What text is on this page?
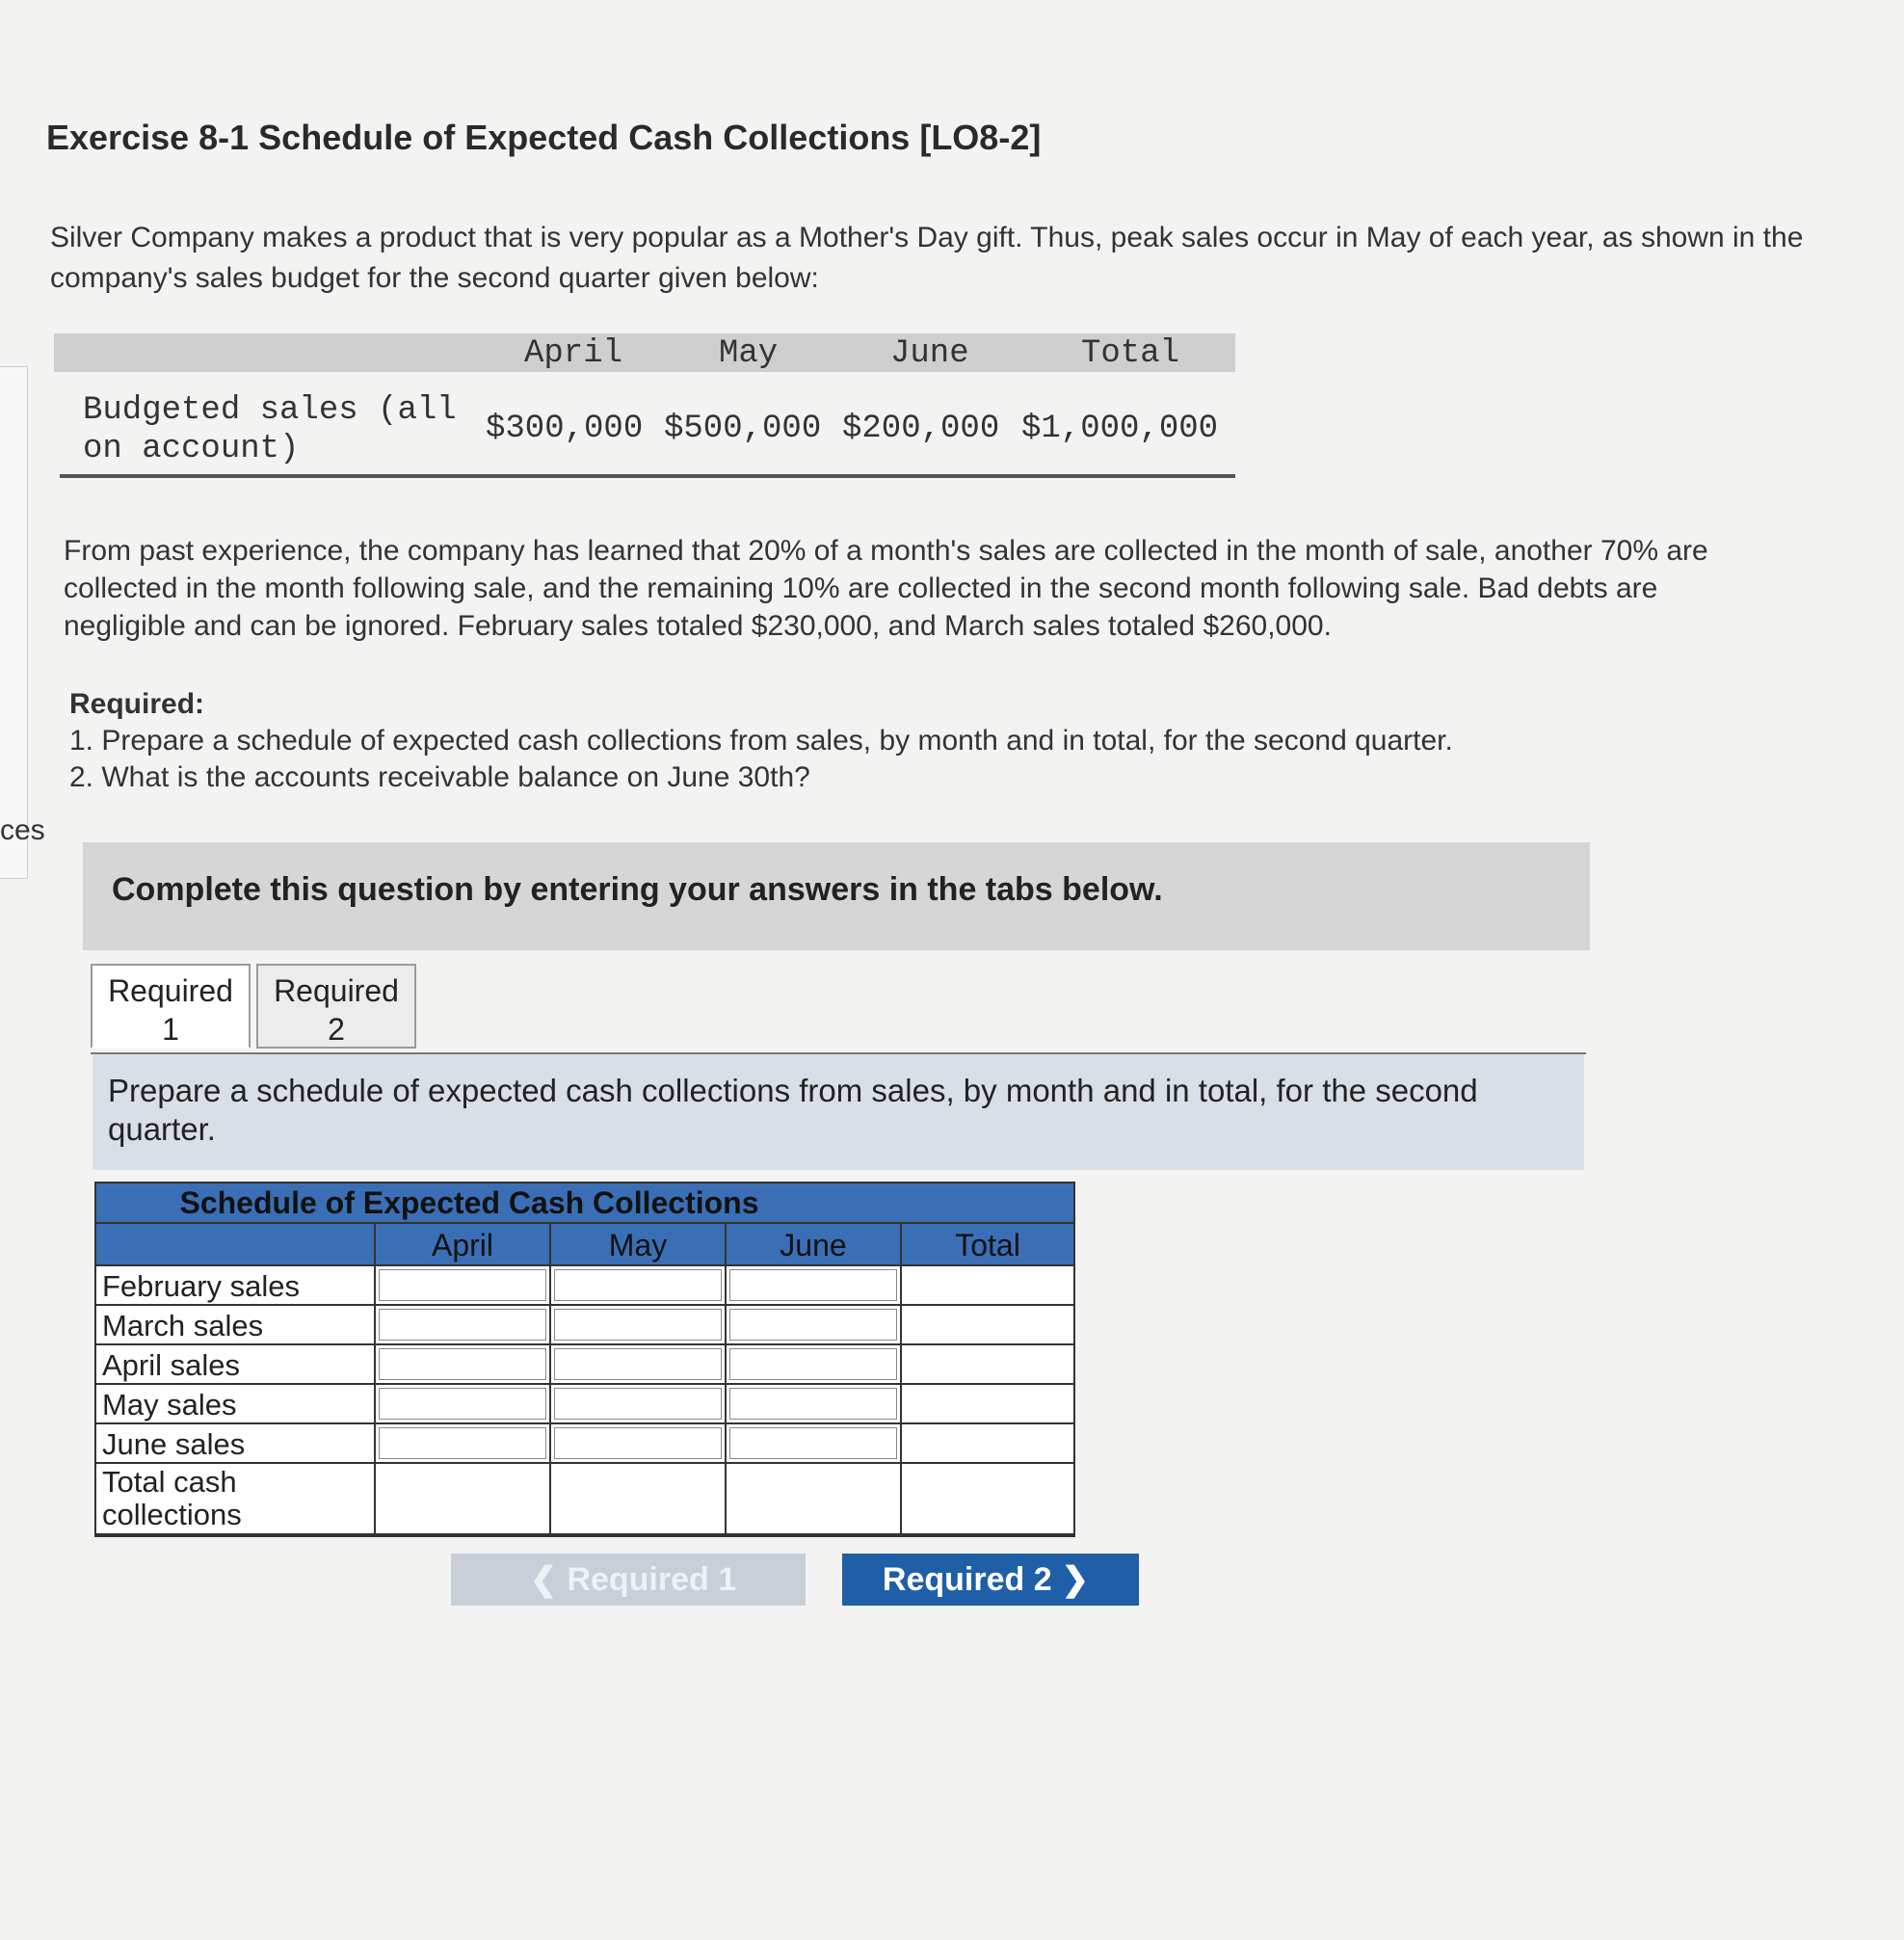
ces
Exercise 8-1 Schedule of Expected Cash Collections [LO8-2]
Silver Company makes a product that is very popular as a Mother's Day gift. Thus, peak sales occur in May of each year, as shown in the company's sales budget for the second quarter given below:
April	May	June	Total
Budgeted sales (all on account)
$300,000 $500,000 $200,000 $1,000,000
From past experience, the company has learned that 20% of a month's sales are collected in the month of sale, another 70% are collected in the month following sale, and the remaining 10% are collected in the second month following sale. Bad debts are negligible and can be ignored. February sales totaled $230,000, and March sales totaled $260,000.
Required:
1. Prepare a schedule of expected cash collections from sales, by month and in total, for the second quarter.
2. What is the accounts receivable balance on June 30th?
Complete this question by entering your answers in the tabs below.
Required
1
Required
2
Prepare a schedule of expected cash collections from sales, by month and in total, for the second quarter.
Schedule of Expected Cash Collections
April	May	June	Total
February sales
March sales
April sales
May sales
June sales
Total cash collections
❮ Required 1	Required 2 ❯
